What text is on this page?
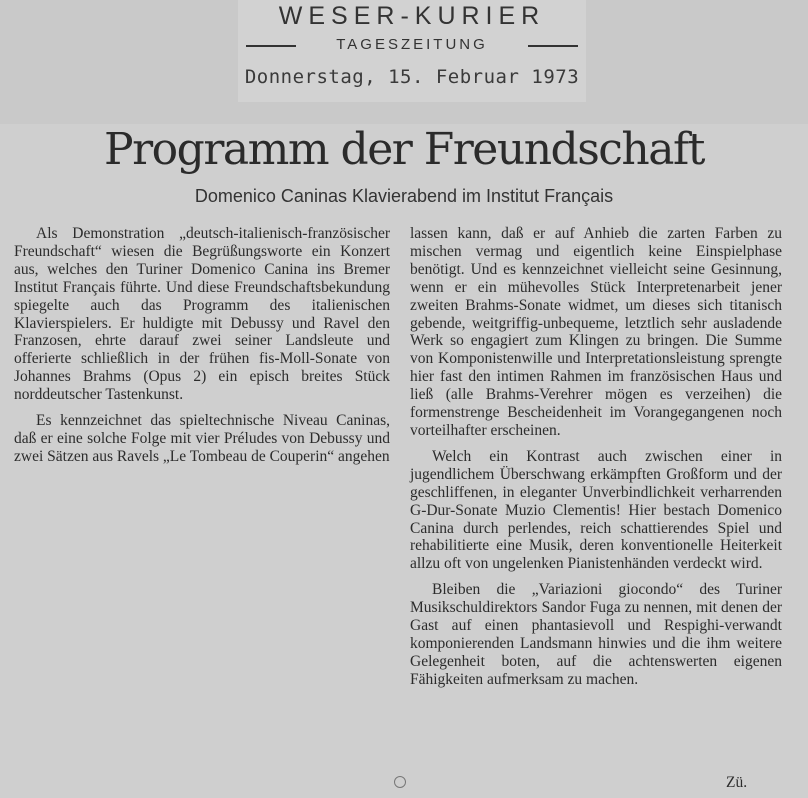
WESER-KURIER
TAGESZEITUNG
Donnerstag, 15. Februar 1973
Programm der Freundschaft
Domenico Caninas Klavierabend im Institut Français

Als Demonstration „deutsch-italienisch-französischer Freundschaft“ wiesen die Begrüßungsworte ein Konzert aus, welches den Turiner Domenico Canina ins Bremer Institut Français führte. Und diese Freundschaftsbekundung spiegelte auch das Programm des italienischen Klavierspielers. Er huldigte mit Debussy und Ravel den Franzosen, ehrte darauf zwei seiner Landsleute und offerierte schließlich in der frühen fis-Moll-Sonate von Johannes Brahms (Opus 2) ein episch breites Stück norddeutscher Tastenkunst.

Es kennzeichnet das spieltechnische Niveau Caninas, daß er eine solche Folge mit vier Préludes von Debussy und zwei Sätzen aus Ravels „Le Tombeau de Couperin“ angehen

lassen kann, daß er auf Anhieb die zarten Farben zu mischen vermag und eigentlich keine Einspielphase benötigt. Und es kennzeichnet vielleicht seine Gesinnung, wenn er ein mühevolles Stück Interpretenarbeit jener zweiten Brahms-Sonate widmet, um dieses sich titanisch gebende, weitgriffig-unbequeme, letztlich sehr ausladende Werk so engagiert zum Klingen zu bringen. Die Summe von Komponistenwille und Interpretationsleistung sprengte hier fast den intimen Rahmen im französischen Haus und ließ (alle Brahms-Verehrer mögen es verzeihen) die formenstrenge Bescheidenheit im Vorangegangenen noch vorteilhafter erscheinen.

Welch ein Kontrast auch zwischen einer in jugendlichem Überschwang erkämpften Großform und der geschliffenen, in eleganter Unverbindlichkeit verharrenden G-Dur-Sonate Muzio Clementis! Hier bestach Domenico Canina durch perlendes, reich schattierendes Spiel und rehabilitierte eine Musik, deren konventionelle Heiterkeit allzu oft von ungelenken Pianistenhänden verdeckt wird.

Bleiben die „Variazioni giocondo“ des Turiner Musikschuldirektors Sandor Fuga zu nennen, mit denen der Gast auf einen phantasievoll und Respighi-verwandt komponierenden Landsmann hinwies und die ihm weitere Gelegenheit boten, auf die achtenswerten eigenen Fähigkeiten aufmerksam zu machen.

Zü.
